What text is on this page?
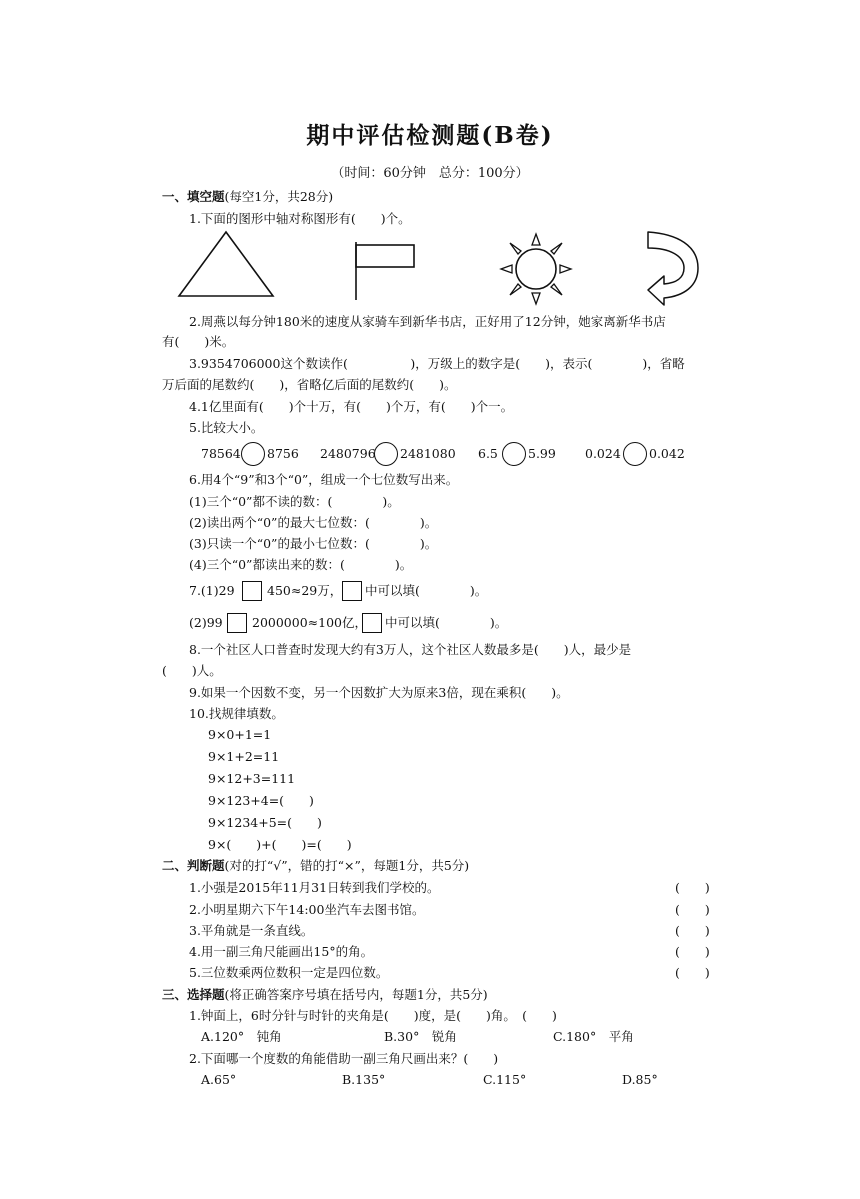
期中评估检测题(B卷)
（时间：60分钟　总分：100分）
一、填空题(每空1分，共28分)
1.下面的图形中轴对称图形有(　　)个。
2.周燕以每分钟180米的速度从家骑车到新华书店，正好用了12分钟，她家离新华书店
有(　　)米。
3.9354706000这个数读作(　　　　　)，万级上的数字是(　　)，表示(　　　　)，省略
万后面的尾数约(　　)，省略亿后面的尾数约(　　)。
4.1亿里面有(　　)个十万，有(　　)个万，有(　　)个一。
5.比较大小。
78564 8756 2480796 2481080 6.5 5.99 0.024 0.042
6.用4个“9”和3个“0”，组成一个七位数写出来。
(1)三个“0”都不读的数：(　　　　)。
(2)读出两个“0”的最大七位数：(　　　　)。
(3)只读一个“0”的最小七位数：(　　　　)。
(4)三个“0”都读出来的数：(　　　　)。
7.(1)29	450≈29万， 中可以填(　　　　)。
(2)99 2000000≈100亿， 中可以填(　　　　)。
8.一个社区人口普查时发现大约有3万人，这个社区人数最多是(　　)人，最少是
(　　)人。
9.如果一个因数不变，另一个因数扩大为原来3倍，现在乘积(　　)。
10.找规律填数。
9×0+1=1
9×1+2=11
9×12+3=111
9×123+4=(　　)
9×1234+5=(　　)
9×(　　)+(　　)=(　　)
二、判断题(对的打“√”，错的打“×”，每题1分，共5分)
1.小强是2015年11月31日转到我们学校的。	(　　)
2.小明星期六下午14:00坐汽车去图书馆。	(　　)
3.平角就是一条直线。	(　　)
4.用一副三角尺能画出15°的角。	(　　)
5.三位数乘两位数积一定是四位数。	(　　)
三、选择题(将正确答案序号填在括号内，每题1分，共5分)
1.钟面上，6时分针与时针的夹角是(　　)度，是(　　)角。　(　　)
A.120°　钝角	B.30°　锐角	C.180°　平角
2.下面哪一个度数的角能借助一副三角尺画出来？(　　)
A.65°	B.135°	C.115°	D.85°
